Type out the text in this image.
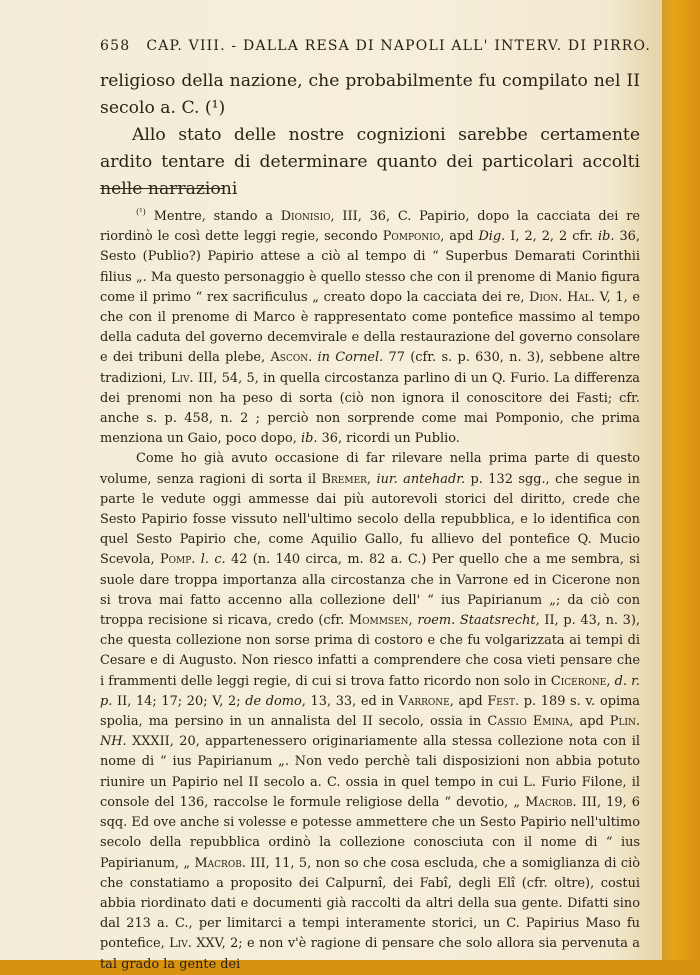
658 CAP. VIII. - DALLA RESA DI NAPOLI ALL' INTERV. DI PIRRO.

religioso della nazione, che probabilmente fu compilato nel II secolo a. C. (¹)

Allo stato delle nostre cognizioni sarebbe certamente ardito tentare di determinare quanto dei particolari accolti nelle narrazioni

$^{(^1)}$ Mentre, stando a Dionisio, III, 36, C. Papirio, dopo la cacciata dei re riordinò le così dette leggi regie, secondo Pomponio, apd Dig. I, 2, 2, 2 cfr. ib. 36, Sesto (Publio?) Papirio attese a ciò al tempo di “ Superbus Demarati Corinthii filius „. Ma questo personaggio è quello stesso che con il prenome di Manio figura come il primo “ rex sacrificulus „ creato dopo la cacciata dei re, Dion. Hal. V, 1, e che con il prenome di Marco è rappresentato come pontefice massimo al tempo della caduta del governo decemvirale e della restaurazione del governo consolare e dei tribuni della plebe, Ascon. in Cornel. 77 (cfr. s. p. 630, n. 3), sebbene altre tradizioni, Liv. III, 54, 5, in quella circostanza parlino di un Q. Furio. La differenza dei prenomi non ha peso di sorta (ciò non ignora il conoscitore dei Fasti; cfr. anche s. p. 458, n. 2 ; perciò non sorprende come mai Pomponio, che prima menziona un Gaio, poco dopo, ib. 36, ricordi un Publio.

Come ho già avuto occasione di far rilevare nella prima parte di questo volume, senza ragioni di sorta il Bremer, iur. antehadr. p. 132 sgg., che segue in parte le vedute oggi ammesse dai più autorevoli storici del diritto, crede che Sesto Papirio fosse vissuto nell'ultimo secolo della repubblica, e lo identifica con quel Sesto Papirio che, come Aquilio Gallo, fu allievo del pontefice Q. Mucio Scevola, Pomp. l. c. 42 (n. 140 circa, m. 82 a. C.) Per quello che a me sembra, si suole dare troppa importanza alla circostanza che in Varrone ed in Cicerone non si trova mai fatto accenno alla collezione dell' “ ius Papirianum „; da ciò con troppa recisione si ricava, credo (cfr. Mommsen, roem. Staatsrecht, II, p. 43, n. 3), che questa collezione non sorse prima di costoro e che fu volgarizzata ai tempi di Cesare e di Augusto. Non riesco infatti a comprendere che cosa vieti pensare che i frammenti delle leggi regie, di cui si trova fatto ricordo non solo in Cicerone, d. r. p. II, 14; 17; 20; V, 2; de domo, 13, 33, ed in Varrone, apd Fest. p. 189 s. v. opima spolia, ma persino in un annalista del II secolo, ossia in Cassio Emina, apd Plin. NH. XXXII, 20, appartenessero originariamente alla stessa collezione nota con il nome di “ ius Papirianum „. Non vedo perchè tali disposizioni non abbia potuto riunire un Papirio nel II secolo a. C. ossia in quel tempo in cui L. Furio Filone, il console del 136, raccolse le formule religiose della “ devotio, „ Macrob. III, 19, 6 sqq. Ed ove anche si volesse e potesse ammettere che un Sesto Papirio nell'ultimo secolo della repubblica ordinò la collezione conosciuta con il nome di “ ius Papirianum, „ Macrob. III, 11, 5, non so che cosa escluda, che a somiglianza di ciò che constatiamo a proposito dei Calpurnî, dei Fabî, degli Elî (cfr. oltre), costui abbia riordinato dati e documenti già raccolti da altri della sua gente. Difatti sino dal 213 a. C., per limitarci a tempi interamente storici, un C. Papirius Maso fu pontefice, Liv. XXV, 2; e non v'è ragione di pensare che solo allora sia pervenuta a tal grado la gente dei
